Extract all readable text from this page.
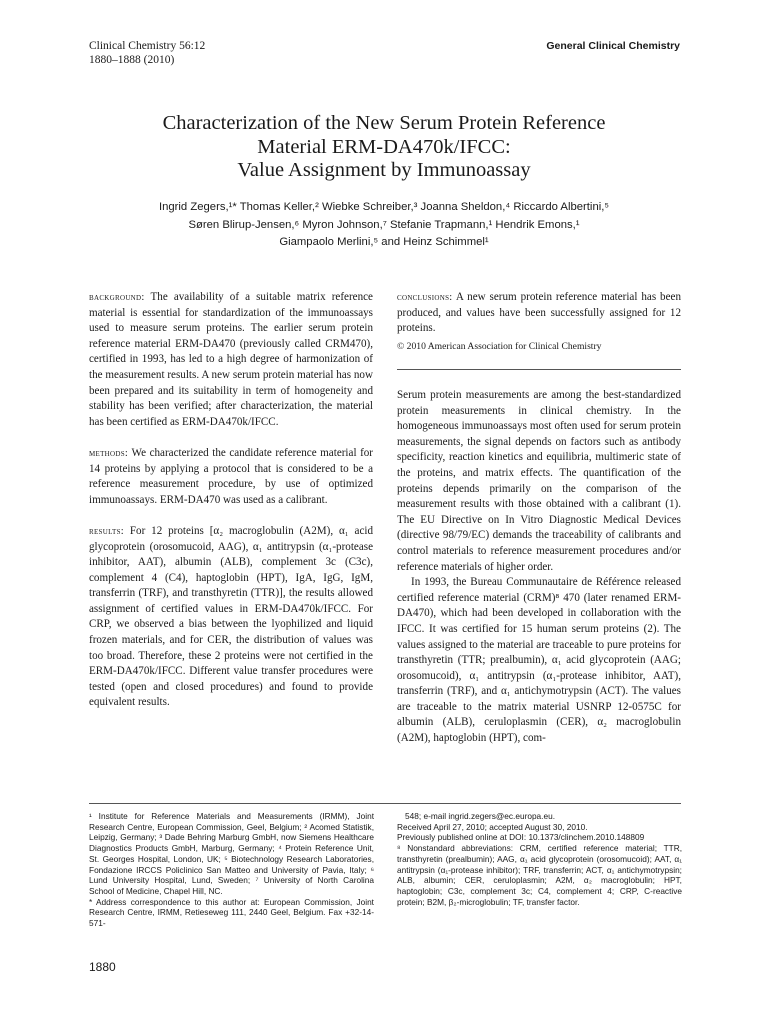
Clinical Chemistry 56:12
1880–1888 (2010)
General Clinical Chemistry
Characterization of the New Serum Protein Reference
Material ERM-DA470k/IFCC:
Value Assignment by Immunoassay
Ingrid Zegers,¹* Thomas Keller,² Wiebke Schreiber,³ Joanna Sheldon,⁴ Riccardo Albertini,⁵
Søren Blirup-Jensen,⁶ Myron Johnson,⁷ Stefanie Trapmann,¹ Hendrik Emons,¹
Giampaolo Merlini,⁵ and Heinz Schimmel¹

background: The availability of a suitable matrix reference material is essential for standardization of the immunoassays used to measure serum proteins. The earlier serum protein reference material ERM-DA470 (previously called CRM470), certified in 1993, has led to a high degree of harmonization of the measurement results. A new serum protein material has now been prepared and its suitability in term of homogeneity and stability has been verified; after characterization, the material has been certified as ERM-DA470k/IFCC.

methods: We characterized the candidate reference material for 14 proteins by applying a protocol that is considered to be a reference measurement procedure, by use of optimized immunoassays. ERM-DA470 was used as a calibrant.

results: For 12 proteins [α₂ macroglobulin (A2M), α₁ acid glycoprotein (orosomucoid, AAG), α₁ antitrypsin (α₁-protease inhibitor, AAT), albumin (ALB), complement 3c (C3c), complement 4 (C4), haptoglobin (HPT), IgA, IgG, IgM, transferrin (TRF), and transthyretin (TTR)], the results allowed assignment of certified values in ERM-DA470k/IFCC. For CRP, we observed a bias between the lyophilized and liquid frozen materials, and for CER, the distribution of values was too broad. Therefore, these 2 proteins were not certified in the ERM-DA470k/IFCC. Different value transfer procedures were tested (open and closed procedures) and found to provide equivalent results.

conclusions: A new serum protein reference material has been produced, and values have been successfully assigned for 12 proteins.

© 2010 American Association for Clinical Chemistry

Serum protein measurements are among the best-standardized protein measurements in clinical chemistry. In the homogeneous immunoassays most often used for serum protein measurements, the signal depends on factors such as antibody specificity, reaction kinetics and equilibria, multimeric state of the proteins, and matrix effects. The quantification of the proteins depends primarily on the comparison of the measurement results with those obtained with a calibrant (1). The EU Directive on In Vitro Diagnostic Medical Devices (directive 98/79/EC) demands the traceability of calibrants and control materials to reference measurement procedures and/or reference materials of higher order.

In 1993, the Bureau Communautaire de Référence released certified reference material (CRM)⁸ 470 (later renamed ERM-DA470), which had been developed in collaboration with the IFCC. It was certified for 15 human serum proteins (2). The values assigned to the material are traceable to pure proteins for transthyretin (TTR; prealbumin), α₁ acid glycoprotein (AAG; orosomucoid), α₁ antitrypsin (α₁-protease inhibitor, AAT), transferrin (TRF), and α₁ antichymotrypsin (ACT). The values are traceable to the matrix material USNRP 12-0575C for albumin (ALB), ceruloplasmin (CER), α₂ macroglobulin (A2M), haptoglobin (HPT), com-

¹ Institute for Reference Materials and Measurements (IRMM), Joint Research Centre, European Commission, Geel, Belgium; ² Acomed Statistik, Leipzig, Germany; ³ Dade Behring Marburg GmbH, now Siemens Healthcare Diagnostics Products GmbH, Marburg, Germany; ⁴ Protein Reference Unit, St. Georges Hospital, London, UK; ⁵ Biotechnology Research Laboratories, Fondazione IRCCS Policlinico San Matteo and University of Pavia, Italy; ⁶ Lund University Hospital, Lund, Sweden; ⁷ University of North Carolina School of Medicine, Chapel Hill, NC.

* Address correspondence to this author at: European Commission, Joint Research Centre, IRMM, Retieseweg 111, 2440 Geel, Belgium. Fax +32-14-571-

548; e-mail ingrid.zegers@ec.europa.eu.

Received April 27, 2010; accepted August 30, 2010.

Previously published online at DOI: 10.1373/clinchem.2010.148809

⁸ Nonstandard abbreviations: CRM, certified reference material; TTR, transthyretin (prealbumin); AAG, α₁ acid glycoprotein (orosomucoid); AAT, α₁ antitrypsin (α₁-protease inhibitor); TRF, transferrin; ACT, α₁ antichymotrypsin; ALB, albumin; CER, ceruloplasmin; A2M, α₂ macroglobulin; HPT, haptoglobin; C3c, complement 3c; C4, complement 4; CRP, C-reactive protein; B2M, β₂-microglobulin; TF, transfer factor.

1880
